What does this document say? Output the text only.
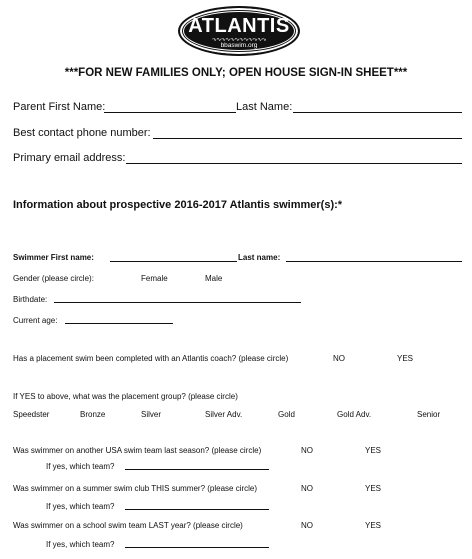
ATLANTIS
∿∿∿∿∿∿∿∿∿∿∿∿
bbaswim.org
***FOR NEW FAMILIES ONLY; OPEN HOUSE SIGN-IN SHEET***
Parent First Name:	Last Name:
Best contact phone number:
Primary email address:
Information about prospective 2016-2017 Atlantis swimmer(s):*
Swimmer First name:	Last name:
Gender (please circle):	Female	Male
Birthdate:
Current age:
Has a placement swim been completed with an Atlantis coach? (please circle)	NO	YES
If YES to above, what was the placement group? (please circle)
Speedster	Bronze	Silver	Silver Adv.	Gold	Gold Adv.	Senior
Was swimmer on another USA swim team last season? (please circle)	NO	YES
If yes, which team?
Was swimmer on a summer swim club THIS summer? (please circle)	NO	YES
If yes, which team?
Was swimmer on a school swim team LAST year? (please circle)	NO	YES
If yes, which team?
